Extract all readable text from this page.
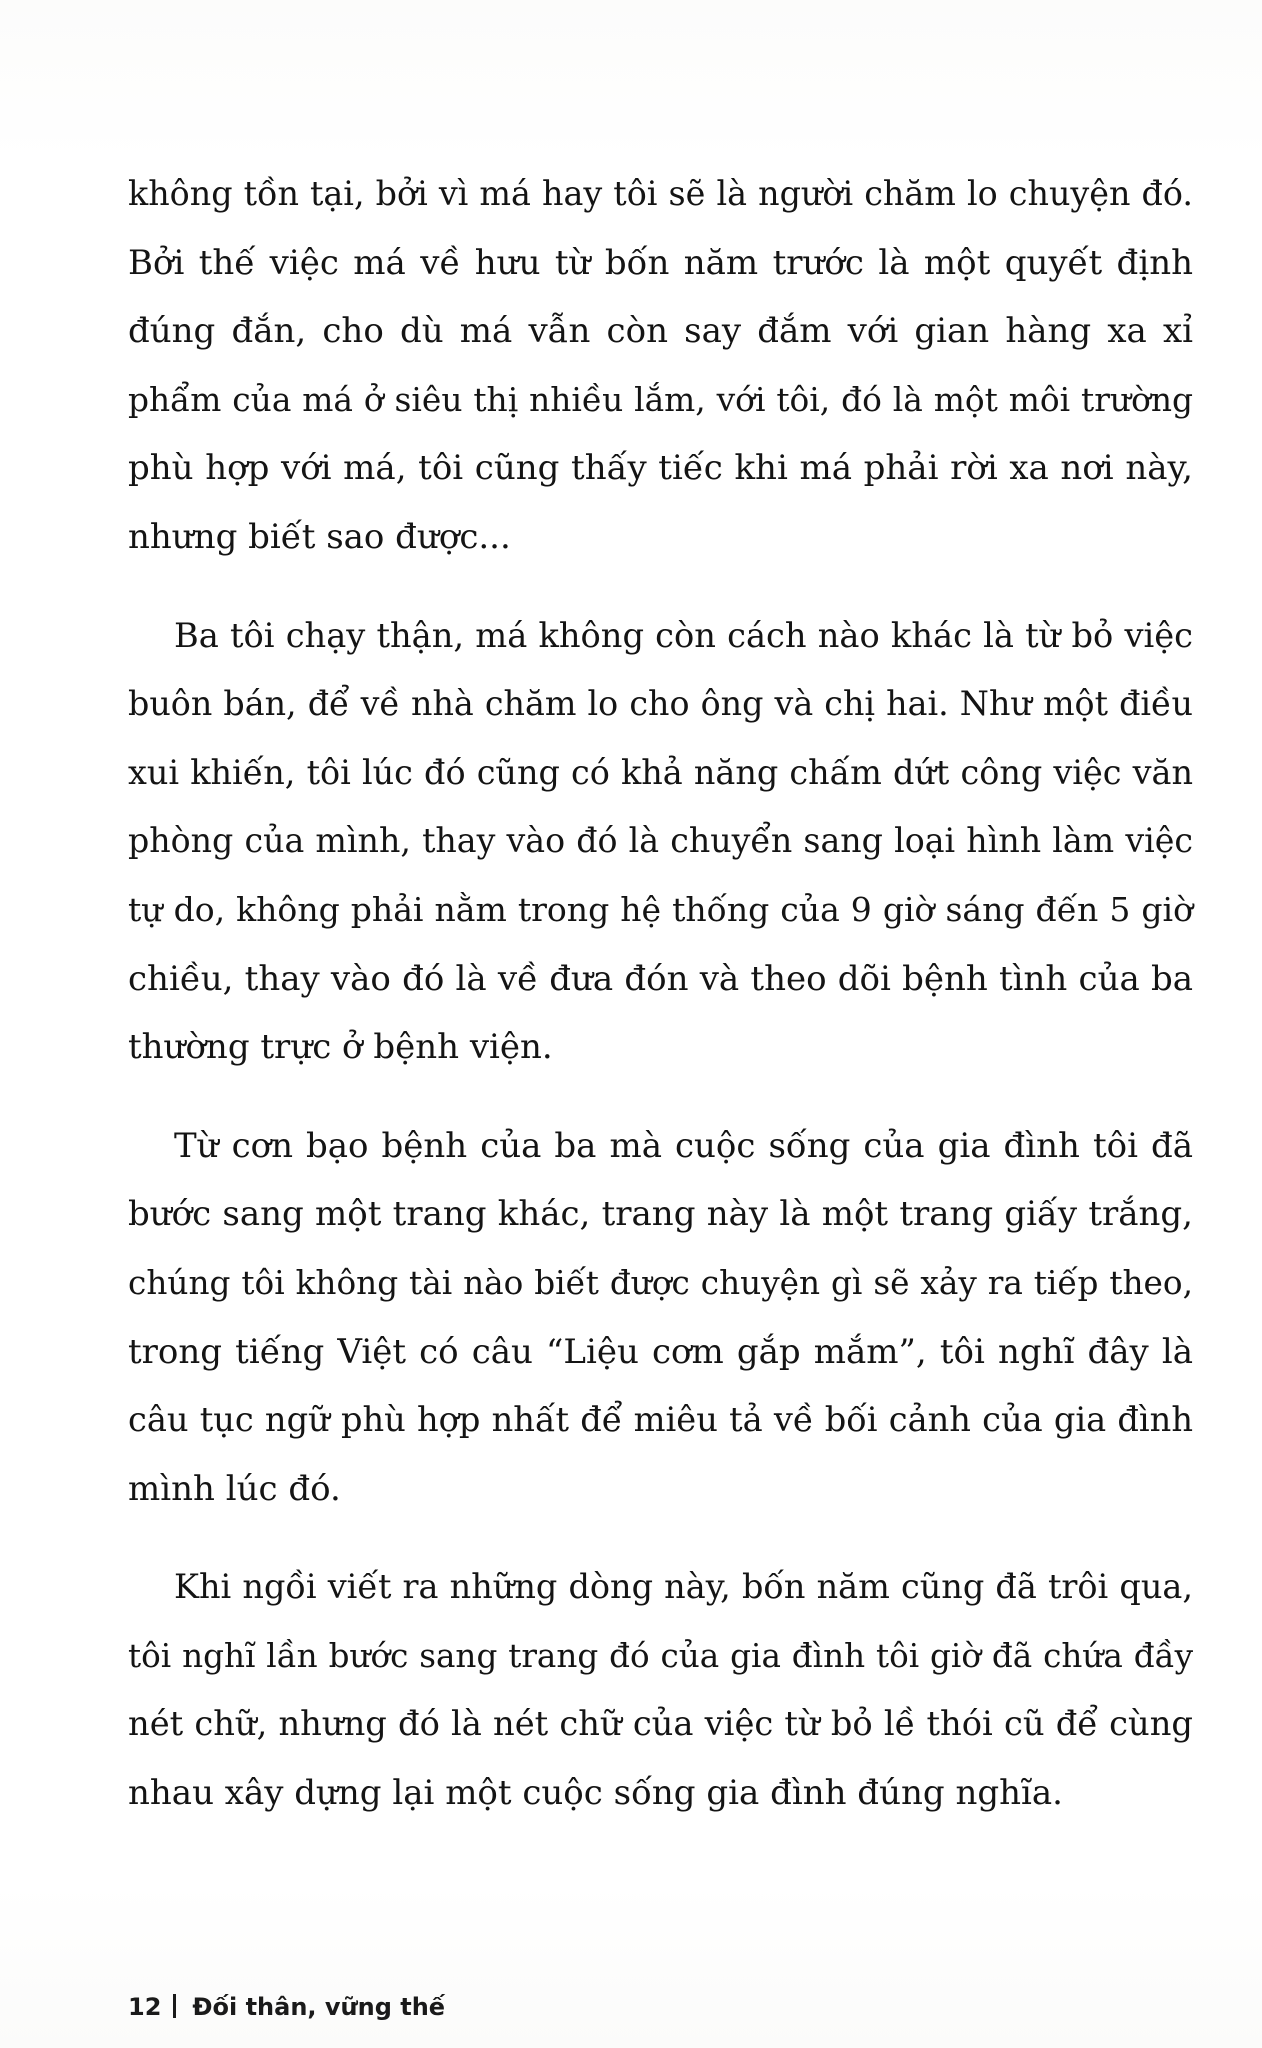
không tồn tại, bởi vì má hay tôi sẽ là người chăm lo chuyện đó.
Bởi thế việc má về hưu từ bốn năm trước là một quyết định
đúng đắn, cho dù má vẫn còn say đắm với gian hàng xa xỉ
phẩm của má ở siêu thị nhiều lắm, với tôi, đó là một môi trường
phù hợp với má, tôi cũng thấy tiếc khi má phải rời xa nơi này,
nhưng biết sao được...
Ba tôi chạy thận, má không còn cách nào khác là từ bỏ việc
buôn bán, để về nhà chăm lo cho ông và chị hai. Như một điều
xui khiến, tôi lúc đó cũng có khả năng chấm dứt công việc văn
phòng của mình, thay vào đó là chuyển sang loại hình làm việc
tự do, không phải nằm trong hệ thống của 9 giờ sáng đến 5 giờ
chiều, thay vào đó là về đưa đón và theo dõi bệnh tình của ba
thường trực ở bệnh viện.
Từ cơn bạo bệnh của ba mà cuộc sống của gia đình tôi đã
bước sang một trang khác, trang này là một trang giấy trắng,
chúng tôi không tài nào biết được chuyện gì sẽ xảy ra tiếp theo,
trong tiếng Việt có câu “Liệu cơm gắp mắm”, tôi nghĩ đây là
câu tục ngữ phù hợp nhất để miêu tả về bối cảnh của gia đình
mình lúc đó.
Khi ngồi viết ra những dòng này, bốn năm cũng đã trôi qua,
tôi nghĩ lần bước sang trang đó của gia đình tôi giờ đã chứa đầy
nét chữ, nhưng đó là nét chữ của việc từ bỏ lề thói cũ để cùng
nhau xây dựng lại một cuộc sống gia đình đúng nghĩa.
12 Đối thân, vững thế
